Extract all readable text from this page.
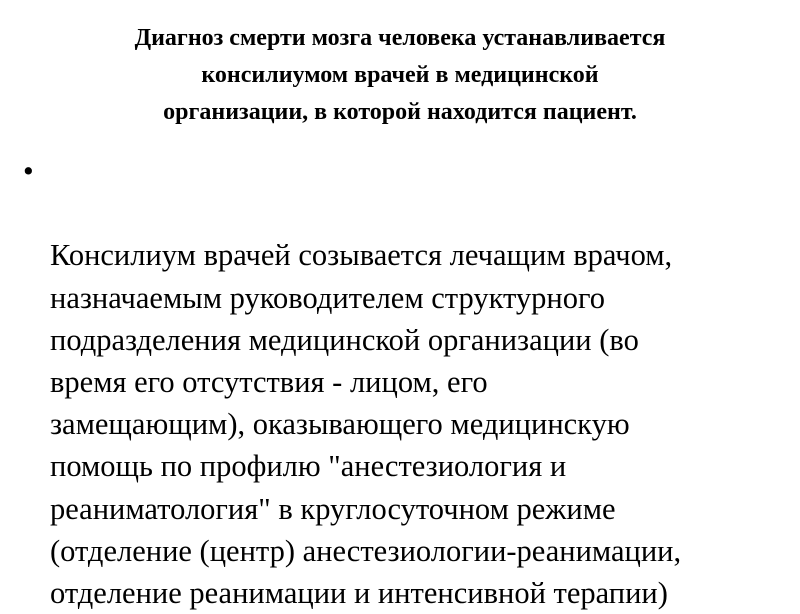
Диагноз смерти мозга человека устанавливается
консилиумом врачей в медицинской
организации, в которой находится пациент.

•

Консилиум врачей созывается лечащим врачом,
назначаемым руководителем структурного
подразделения медицинской организации (во
время его отсутствия - лицом, его
замещающим), оказывающего медицинскую
помощь по профилю "анестезиология и
реаниматология" в круглосуточном режиме
(отделение (центр) анестезиологии-реанимации,
отделение реанимации и интенсивной терапии)
